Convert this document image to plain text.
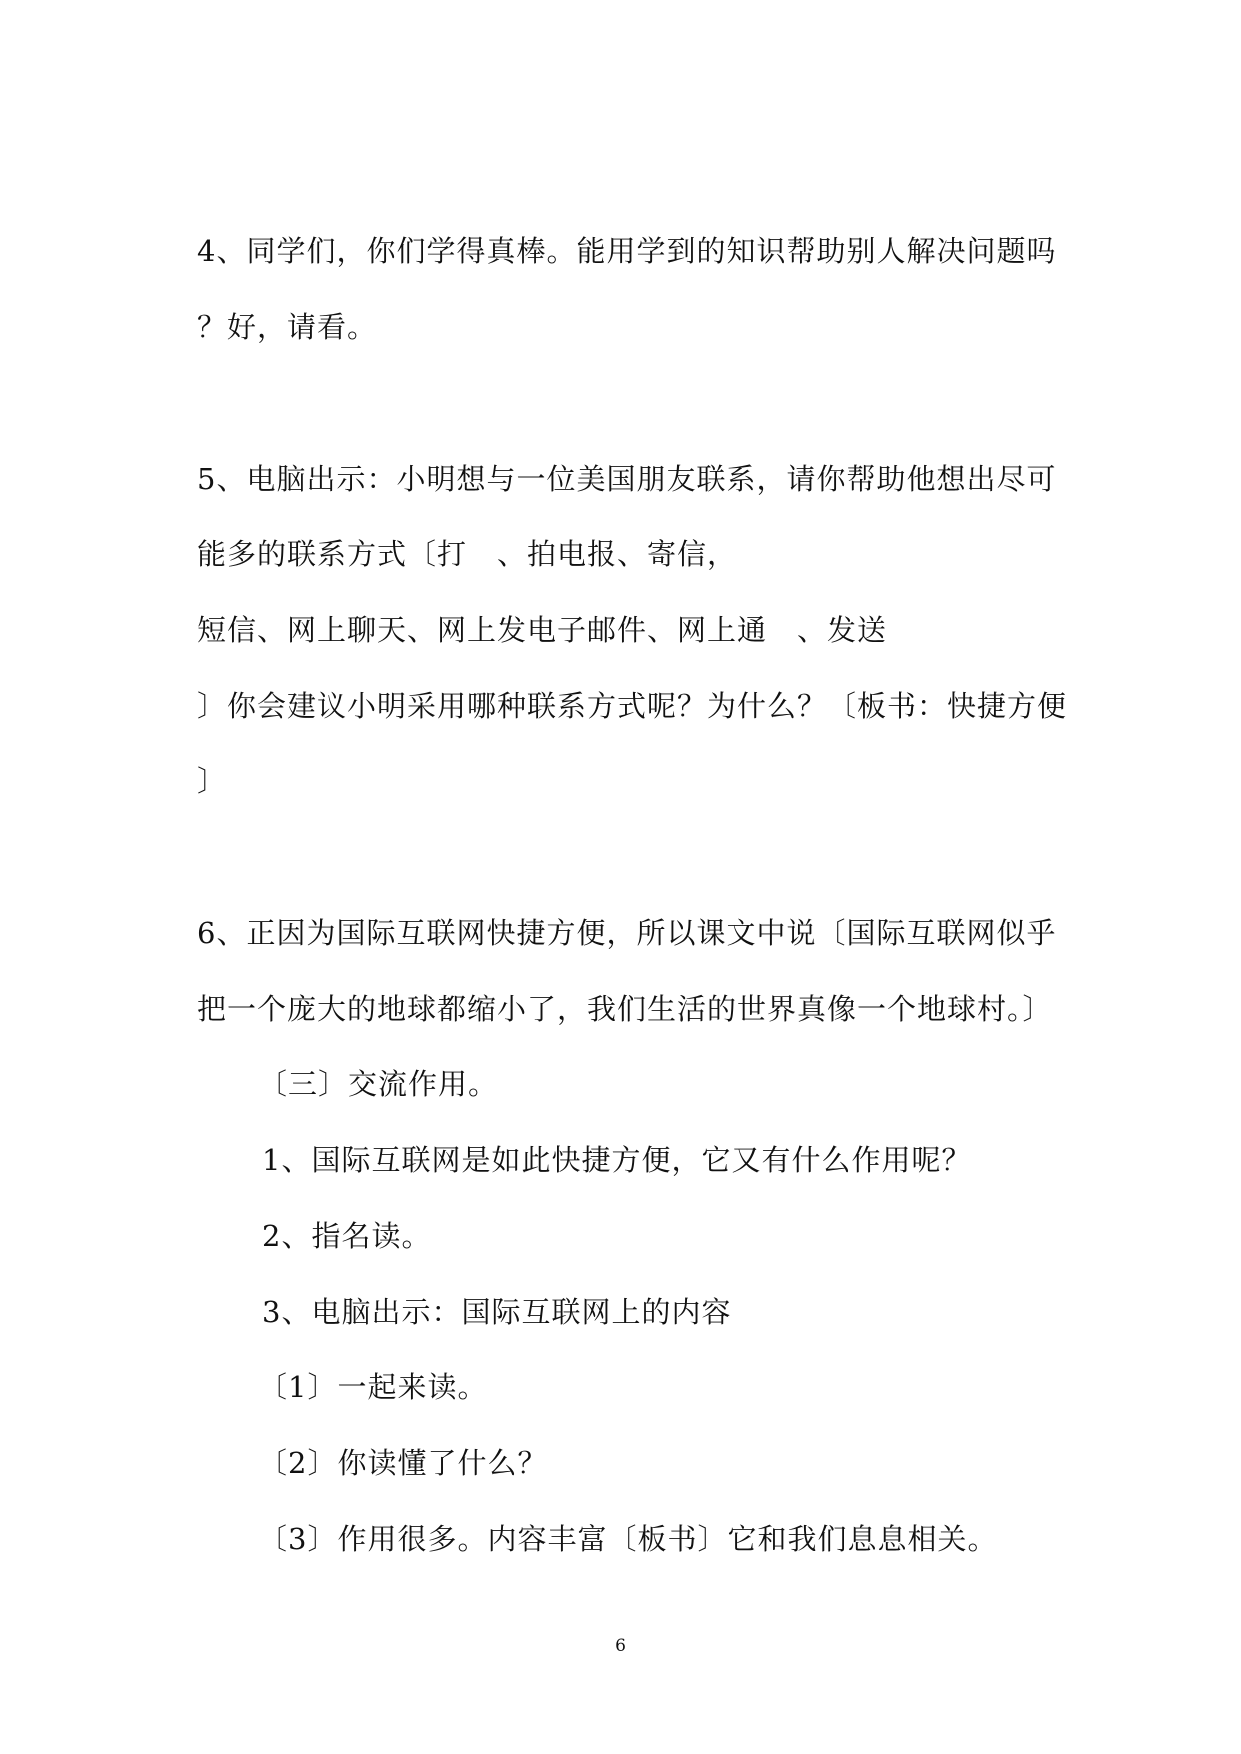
4、同学们，你们学得真棒。能用学到的知识帮助别人解决问题吗
？好，请看。
5、电脑出示：小明想与一位美国朋友联系，请你帮助他想出尽可
能多的联系方式〔打　、拍电报、寄信，
短信、网上聊天、网上发电子邮件、网上通　、发送
〕你会建议小明采用哪种联系方式呢？为什么？〔板书：快捷方便
〕
6、正因为国际互联网快捷方便，所以课文中说〔国际互联网似乎
把一个庞大的地球都缩小了，我们生活的世界真像一个地球村。〕
〔三〕交流作用。
1、国际互联网是如此快捷方便，它又有什么作用呢？
2、指名读。
3、电脑出示：国际互联网上的内容
〔1〕一起来读。
〔2〕你读懂了什么？
〔3〕作用很多。内容丰富〔板书〕它和我们息息相关。
6
